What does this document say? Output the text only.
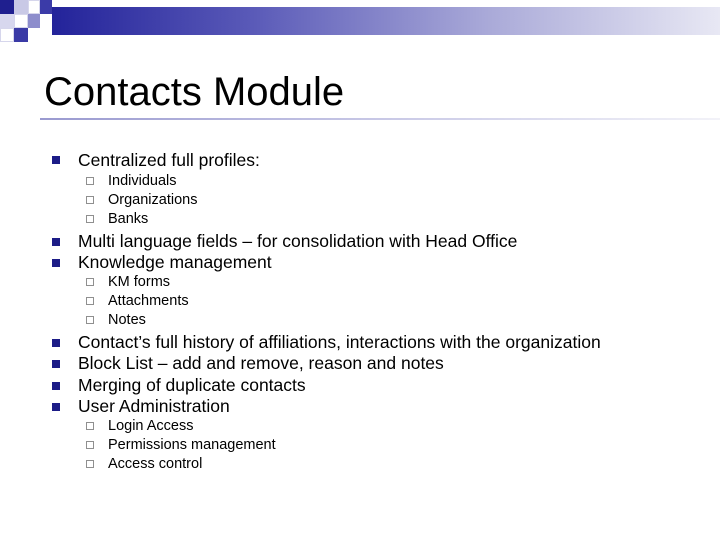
Contacts Module
Centralized full profiles:
Individuals
Organizations
Banks
Multi language fields – for consolidation with Head Office
Knowledge management
KM forms
Attachments
Notes
Contact’s full history of affiliations, interactions with the organization
Block List – add and remove, reason and notes
Merging of duplicate contacts
User Administration
Login Access
Permissions management
Access control
